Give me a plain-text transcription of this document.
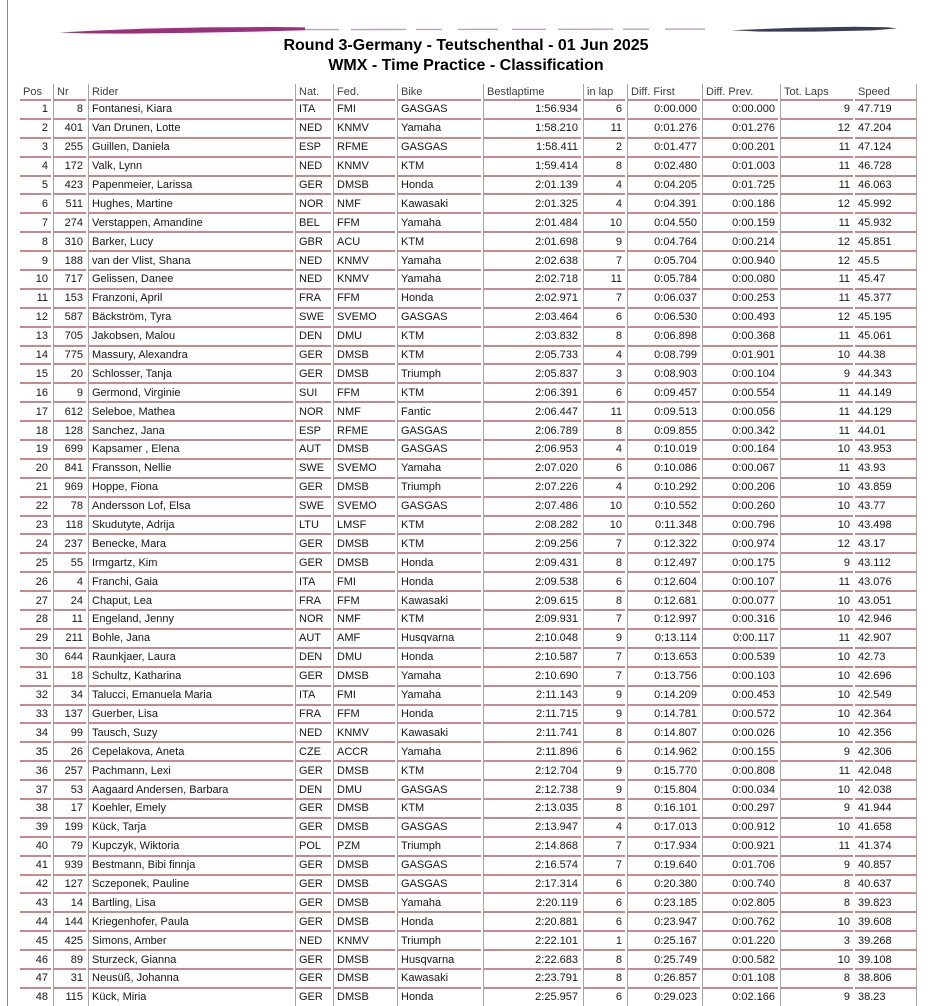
Round 3-Germany - Teutschenthal - 01 Jun 2025
WMX - Time Practice - Classification
Pos	Nr	Rider	Nat.	Fed.	Bike	Bestlaptime	in lap	Diff. First	Diff. Prev.	Tot. Laps	Speed
1	8	Fontanesi, Kiara	ITA	FMI	GASGAS	1:56.934	6	0:00.000	0:00.000	9	47.719
2	401	Van Drunen, Lotte	NED	KNMV	Yamaha	1:58.210	11	0:01.276	0:01.276	12	47.204
3	255	Guillen, Daniela	ESP	RFME	GASGAS	1:58.411	2	0:01.477	0:00.201	11	47.124
4	172	Valk, Lynn	NED	KNMV	KTM	1:59.414	8	0:02.480	0:01.003	11	46.728
5	423	Papenmeier, Larissa	GER	DMSB	Honda	2:01.139	4	0:04.205	0:01.725	11	46.063
6	511	Hughes, Martine	NOR	NMF	Kawasaki	2:01.325	4	0:04.391	0:00.186	12	45.992
7	274	Verstappen, Amandine	BEL	FFM	Yamaha	2:01.484	10	0:04.550	0:00.159	11	45.932
8	310	Barker, Lucy	GBR	ACU	KTM	2:01.698	9	0:04.764	0:00.214	12	45.851
9	188	van der Vlist, Shana	NED	KNMV	Yamaha	2:02.638	7	0:05.704	0:00.940	12	45.5
10	717	Gelissen, Danee	NED	KNMV	Yamaha	2:02.718	11	0:05.784	0:00.080	11	45.47
11	153	Franzoni, April	FRA	FFM	Honda	2:02.971	7	0:06.037	0:00.253	11	45.377
12	587	Bäckström, Tyra	SWE	SVEMO	GASGAS	2:03.464	6	0:06.530	0:00.493	12	45.195
13	705	Jakobsen, Malou	DEN	DMU	KTM	2:03.832	8	0:06.898	0:00.368	11	45.061
14	775	Massury, Alexandra	GER	DMSB	KTM	2:05.733	4	0:08.799	0:01.901	10	44.38
15	20	Schlosser, Tanja	GER	DMSB	Triumph	2:05.837	3	0:08.903	0:00.104	9	44.343
16	9	Germond, Virginie	SUI	FFM	KTM	2:06.391	6	0:09.457	0:00.554	11	44.149
17	612	Seleboe, Mathea	NOR	NMF	Fantic	2:06.447	11	0:09.513	0:00.056	11	44.129
18	128	Sanchez, Jana	ESP	RFME	GASGAS	2:06.789	8	0:09.855	0:00.342	11	44.01
19	699	Kapsamer , Elena	AUT	DMSB	GASGAS	2:06.953	4	0:10.019	0:00.164	10	43.953
20	841	Fransson, Nellie	SWE	SVEMO	Yamaha	2:07.020	6	0:10.086	0:00.067	11	43.93
21	969	Hoppe, Fiona	GER	DMSB	Triumph	2:07.226	4	0:10.292	0:00.206	10	43.859
22	78	Andersson Lof, Elsa	SWE	SVEMO	GASGAS	2:07.486	10	0:10.552	0:00.260	10	43.77
23	118	Skudutyte, Adrija	LTU	LMSF	KTM	2:08.282	10	0:11.348	0:00.796	10	43.498
24	237	Benecke, Mara	GER	DMSB	KTM	2:09.256	7	0:12.322	0:00.974	12	43.17
25	55	Irmgartz, Kim	GER	DMSB	Honda	2:09.431	8	0:12.497	0:00.175	9	43.112
26	4	Franchi, Gaia	ITA	FMI	Honda	2:09.538	6	0:12.604	0:00.107	11	43.076
27	24	Chaput, Lea	FRA	FFM	Kawasaki	2:09.615	8	0:12.681	0:00.077	10	43.051
28	11	Engeland, Jenny	NOR	NMF	KTM	2:09.931	7	0:12.997	0:00.316	10	42.946
29	211	Bohle, Jana	AUT	AMF	Husqvarna	2:10.048	9	0:13.114	0:00.117	11	42.907
30	644	Raunkjaer, Laura	DEN	DMU	Honda	2:10.587	7	0:13.653	0:00.539	10	42.73
31	18	Schultz, Katharina	GER	DMSB	Yamaha	2:10.690	7	0:13.756	0:00.103	10	42.696
32	34	Talucci, Emanuela Maria	ITA	FMI	Yamaha	2:11.143	9	0:14.209	0:00.453	10	42.549
33	137	Guerber, Lisa	FRA	FFM	Honda	2:11.715	9	0:14.781	0:00.572	10	42.364
34	99	Tausch, Suzy	NED	KNMV	Kawasaki	2:11.741	8	0:14.807	0:00.026	10	42.356
35	26	Cepelakova, Aneta	CZE	ACCR	Yamaha	2:11.896	6	0:14.962	0:00.155	9	42.306
36	257	Pachmann, Lexi	GER	DMSB	KTM	2:12.704	9	0:15.770	0:00.808	11	42.048
37	53	Aagaard Andersen, Barbara	DEN	DMU	GASGAS	2:12.738	9	0:15.804	0:00.034	10	42.038
38	17	Koehler, Emely	GER	DMSB	KTM	2:13.035	8	0:16.101	0:00.297	9	41.944
39	199	Kück, Tarja	GER	DMSB	GASGAS	2:13.947	4	0:17.013	0:00.912	10	41.658
40	79	Kupczyk, Wiktoria	POL	PZM	Triumph	2:14.868	7	0:17.934	0:00.921	11	41.374
41	939	Bestmann, Bibi finnja	GER	DMSB	GASGAS	2:16.574	7	0:19.640	0:01.706	9	40.857
42	127	Sczeponek, Pauline	GER	DMSB	GASGAS	2:17.314	6	0:20.380	0:00.740	8	40.637
43	14	Bartling, Lisa	GER	DMSB	Yamaha	2:20.119	6	0:23.185	0:02.805	8	39.823
44	144	Kriegenhofer, Paula	GER	DMSB	Honda	2:20.881	6	0:23.947	0:00.762	10	39.608
45	425	Simons, Amber	NED	KNMV	Triumph	2:22.101	1	0:25.167	0:01.220	3	39.268
46	89	Sturzeck, Gianna	GER	DMSB	Husqvarna	2:22.683	8	0:25.749	0:00.582	10	39.108
47	31	Neusüß, Johanna	GER	DMSB	Kawasaki	2:23.791	8	0:26.857	0:01.108	8	38.806
48	115	Kück, Miria	GER	DMSB	Honda	2:25.957	6	0:29.023	0:02.166	9	38.23
